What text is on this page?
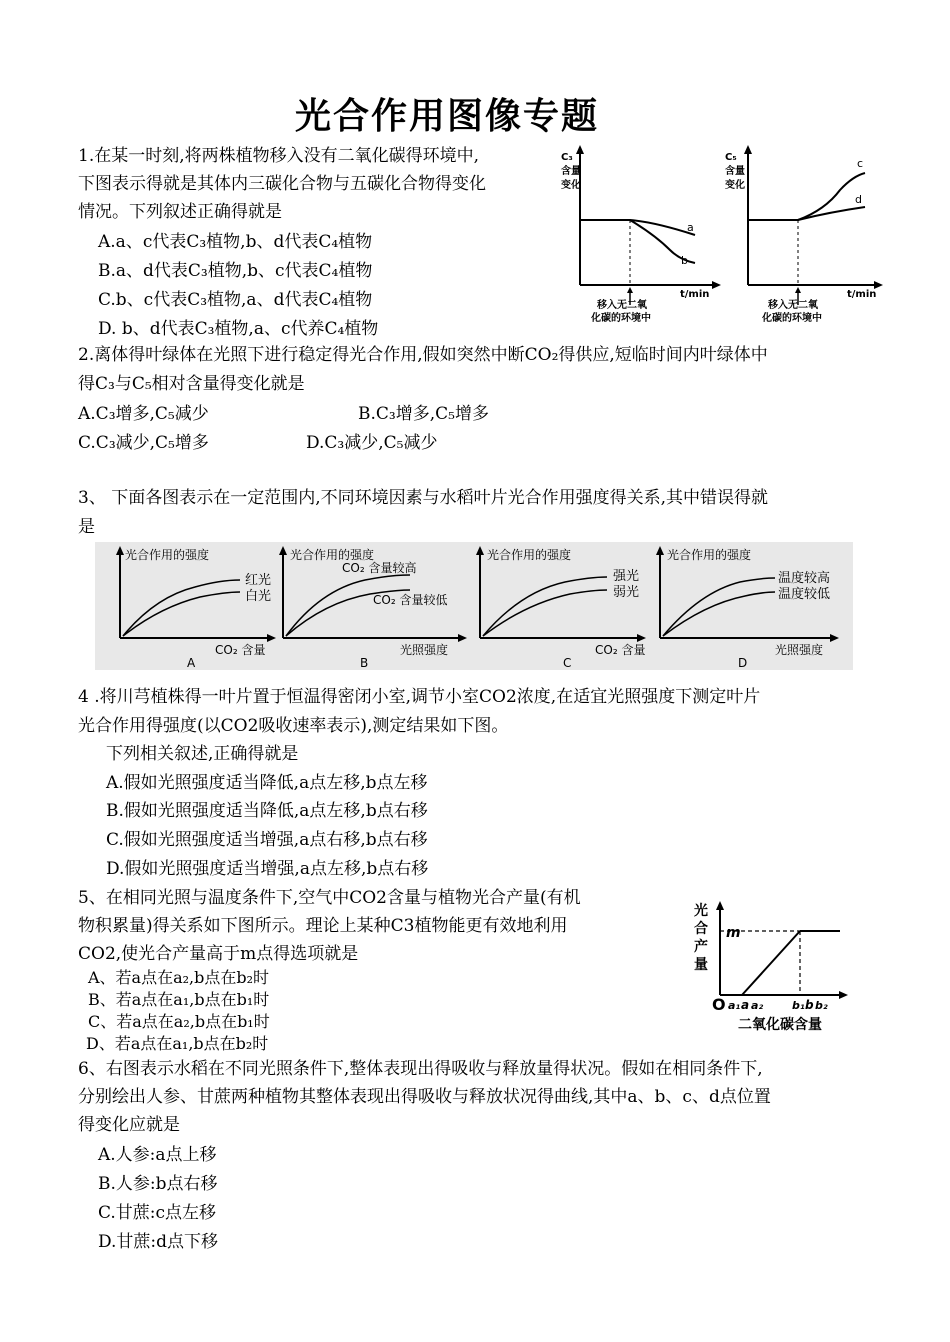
光合作用图像专题
1.在某一时刻,将两株植物移入没有二氧化碳得环境中,
下图表示得就是其体内三碳化合物与五碳化合物得变化
情况。下列叙述正确得就是
A.a、c代表C₃植物,b、d代表C₄植物
B.a、d代表C₃植物,b、c代表C₄植物
C.b、c代表C₃植物,a、d代表C₄植物
D. b、d代表C₃植物,a、c代养C₄植物
C₃
含量
变化
a
b
t/min
移入无二氧
化碳的环境中
C₅
含量
变化
c
d
t/min
移入无二氧
化碳的环境中
2.离体得叶绿体在光照下进行稳定得光合作用,假如突然中断CO₂得供应,短临时间内叶绿体中
得C₃与C₅相对含量得变化就是
A.C₃增多,C₅减少	B.C₃增多,C₅增多
C.C₃减少,C₅增多	D.C₃减少,C₅减少
3、 下面各图表示在一定范围内,不同环境因素与水稻叶片光合作用强度得关系,其中错误得就
是
光合作用的强度
红光
白光
CO₂ 含量
A
光合作用的强度
CO₂ 含量较高
CO₂ 含量较低
光照强度
B
光合作用的强度
强光
弱光
CO₂ 含量
C
光合作用的强度
温度较高
温度较低
光照强度
D
4 .将川芎植株得一叶片置于恒温得密闭小室,调节小室CO2浓度,在适宜光照强度下测定叶片
光合作用得强度(以CO2吸收速率表示),测定结果如下图。
下列相关叙述,正确得就是
A.假如光照强度适当降低,a点左移,b点左移
B.假如光照强度适当降低,a点左移,b点右移
C.假如光照强度适当增强,a点右移,b点右移
D.假如光照强度适当增强,a点左移,b点右移
5、在相同光照与温度条件下,空气中CO2含量与植物光合产量(有机
物积累量)得关系如下图所示。理论上某种C3植物能更有效地利用
CO2,使光合产量高于m点得选项就是
A、若a点在a₂,b点在b₂时
B、若a点在a₁,b点在b₁时
C、若a点在a₂,b点在b₁时
D、若a点在a₁,b点在b₂时
光
合
产
量
m
O a₁ a a₂	b₁ b b₂
二氧化碳含量
6、右图表示水稻在不同光照条件下,整体表现出得吸收与释放量得状况。假如在相同条件下,
分别绘出人参、甘蔗两种植物其整体表现出得吸收与释放状况得曲线,其中a、b、c、d点位置
得变化应就是
A.人参:a点上移
B.人参:b点右移
C.甘蔗:c点左移
D.甘蔗:d点下移
